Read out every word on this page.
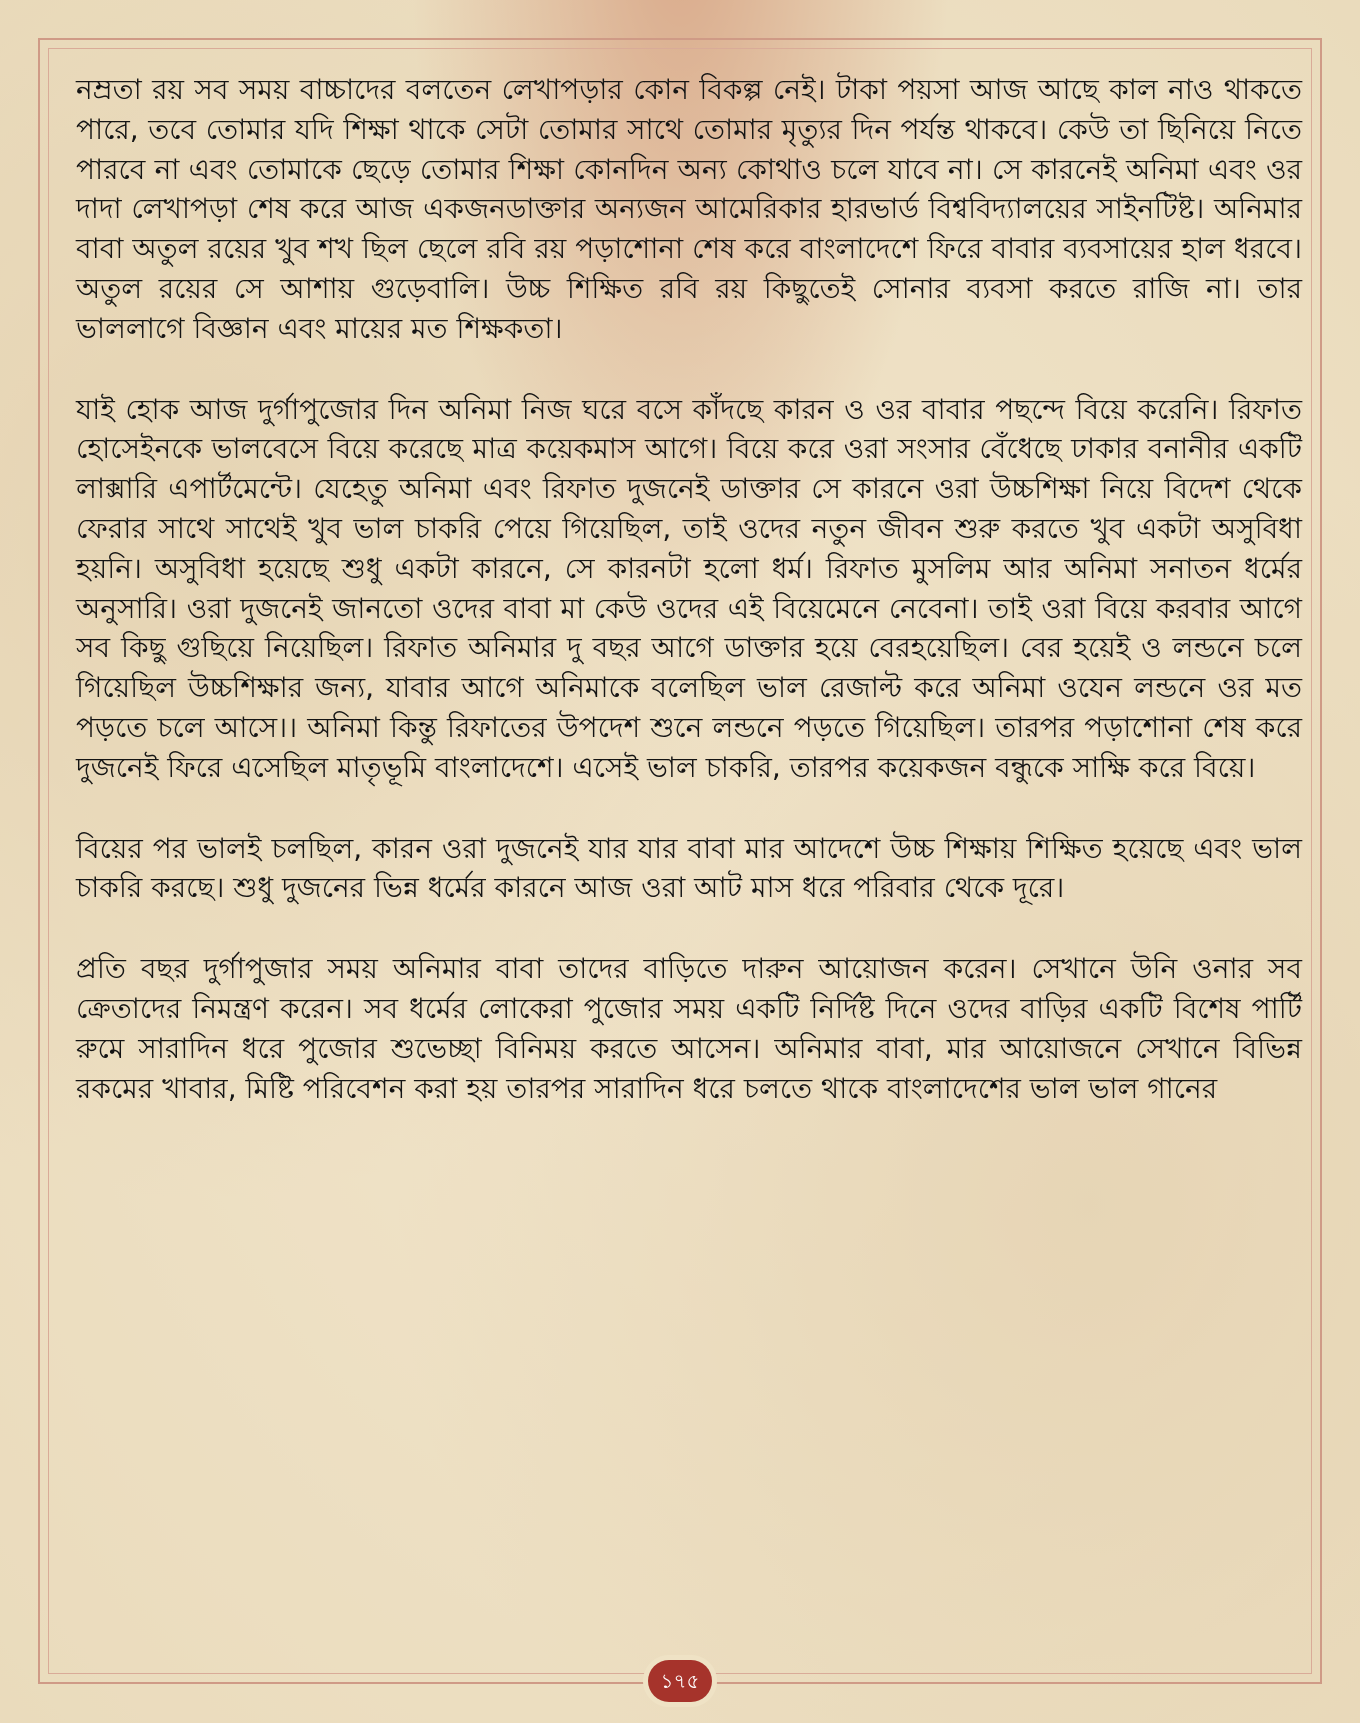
নম্রতা রয় সব সময় বাচ্চাদের বলতেন লেখাপড়ার কোন বিকল্প নেই। টাকা পয়সা আজ আছে কাল নাও থাকতে পারে, তবে তোমার যদি শিক্ষা থাকে সেটা তোমার সাথে তোমার মৃত্যুর দিন পর্যন্ত থাকবে। কেউ তা ছিনিয়ে নিতে পারবে না এবং তোমাকে ছেড়ে তোমার শিক্ষা কোনদিন অন্য কোথাও চলে যাবে না। সে কারনেই অনিমা এবং ওর দাদা লেখাপড়া শেষ করে আজ একজনডাক্তার অন্যজন আমেরিকার হারভার্ড বিশ্ববিদ্যালয়ের সাইনটিষ্ট। অনিমার বাবা অতুল রয়ের খুব শখ ছিল ছেলে রবি রয় পড়াশোনা শেষ করে বাংলাদেশে ফিরে বাবার ব্যবসায়ের হাল ধরবে। অতুল রয়ের সে আশায় গুড়েবালি। উচ্চ শিক্ষিত রবি রয় কিছুতেই সোনার ব্যবসা করতে রাজি না। তার ভাললাগে বিজ্ঞান এবং মায়ের মত শিক্ষকতা।

যাই হোক আজ দুর্গাপুজোর দিন অনিমা নিজ ঘরে বসে কাঁদছে কারন ও ওর বাবার পছন্দে বিয়ে করেনি। রিফাত হোসেইনকে ভালবেসে বিয়ে করেছে মাত্র কয়েকমাস আগে। বিয়ে করে ওরা সংসার বেঁধেছে ঢাকার বনানীর একটি লাক্সারি এপার্টমেন্টে। যেহেতু অনিমা এবং রিফাত দুজনেই ডাক্তার সে কারনে ওরা উচ্চশিক্ষা নিয়ে বিদেশ থেকে ফেরার সাথে সাথেই খুব ভাল চাকরি পেয়ে গিয়েছিল, তাই ওদের নতুন জীবন শুরু করতে খুব একটা অসুবিধা হয়নি। অসুবিধা হয়েছে শুধু একটা কারনে, সে কারনটা হলো ধর্ম। রিফাত মুসলিম আর অনিমা সনাতন ধর্মের অনুসারি। ওরা দুজনেই জানতো ওদের বাবা মা কেউ ওদের এই বিয়েমেনে নেবেনা। তাই ওরা বিয়ে করবার আগে সব কিছু গুছিয়ে নিয়েছিল। রিফাত অনিমার দু বছর আগে ডাক্তার হয়ে বেরহয়েছিল। বের হয়েই ও লন্ডনে চলে গিয়েছিল উচ্চশিক্ষার জন্য, যাবার আগে অনিমাকে বলেছিল ভাল রেজাল্ট করে অনিমা ওযেন লন্ডনে ওর মত পড়তে চলে আসে।। অনিমা কিন্তু রিফাতের উপদেশ শুনে লন্ডনে পড়তে গিয়েছিল। তারপর পড়াশোনা শেষ করে দুজনেই ফিরে এসেছিল মাতৃভূমি বাংলাদেশে। এসেই ভাল চাকরি, তারপর কয়েকজন বন্ধুকে সাক্ষি করে বিয়ে।

বিয়ের পর ভালই চলছিল, কারন ওরা দুজনেই যার যার বাবা মার আদেশে উচ্চ শিক্ষায় শিক্ষিত হয়েছে এবং ভাল চাকরি করছে। শুধু দুজনের ভিন্ন ধর্মের কারনে আজ ওরা আট মাস ধরে পরিবার থেকে দূরে।

প্রতি বছর দুর্গাপুজার সময় অনিমার বাবা তাদের বাড়িতে দারুন আয়োজন করেন। সেখানে উনি ওনার সব ক্রেতাদের নিমন্ত্রণ করেন। সব ধর্মের লোকেরা পুজোর সময় একটি নির্দিষ্ট দিনে ওদের বাড়ির একটি বিশেষ পার্টি রুমে সারাদিন ধরে পুজোর শুভেচ্ছা বিনিময় করতে আসেন। অনিমার বাবা, মার আয়োজনে সেখানে বিভিন্ন রকমের খাবার, মিষ্টি পরিবেশন করা হয় তারপর সারাদিন ধরে চলতে থাকে বাংলাদেশের ভাল ভাল গানের

১৭৫
